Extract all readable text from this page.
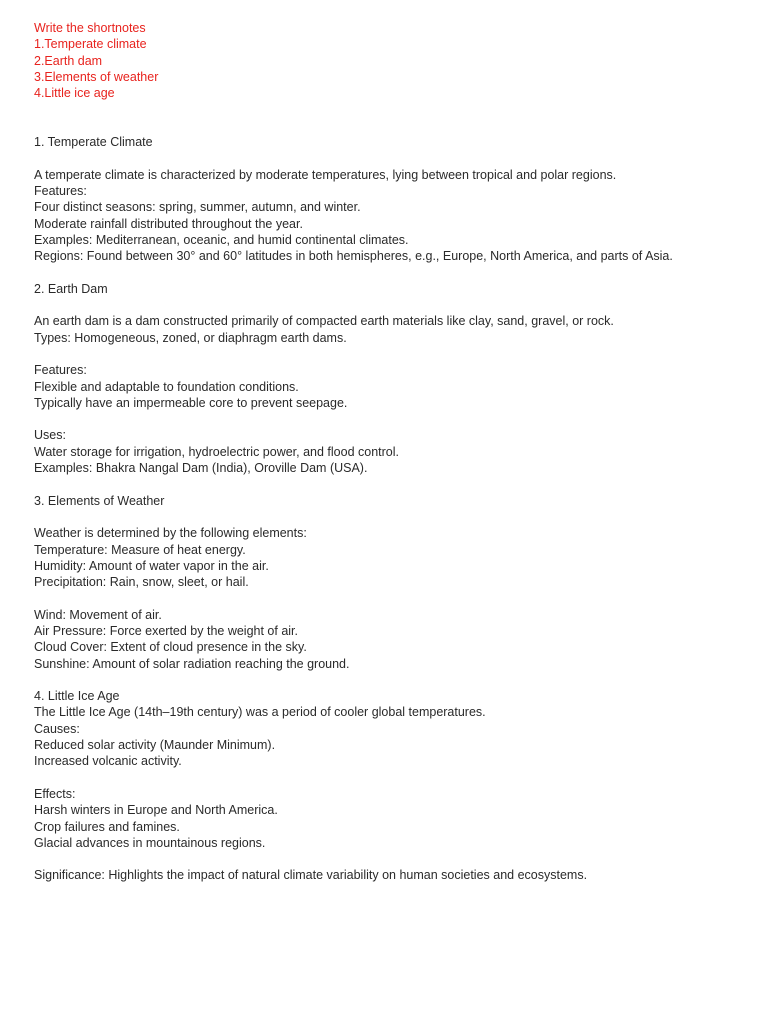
Write the shortnotes
1.Temperate climate
2.Earth dam
3.Elements of weather
4.Little ice age
1. Temperate Climate
A temperate climate is characterized by moderate temperatures, lying between tropical and polar regions.
Features:
Four distinct seasons: spring, summer, autumn, and winter.
Moderate rainfall distributed throughout the year.
Examples: Mediterranean, oceanic, and humid continental climates.
Regions: Found between 30° and 60° latitudes in both hemispheres, e.g., Europe, North America, and parts of Asia.
2. Earth Dam
An earth dam is a dam constructed primarily of compacted earth materials like clay, sand, gravel, or rock.
Types: Homogeneous, zoned, or diaphragm earth dams.
Features:
Flexible and adaptable to foundation conditions.
Typically have an impermeable core to prevent seepage.
Uses:
Water storage for irrigation, hydroelectric power, and flood control.
Examples: Bhakra Nangal Dam (India), Oroville Dam (USA).
3. Elements of Weather
Weather is determined by the following elements:
Temperature: Measure of heat energy.
Humidity: Amount of water vapor in the air.
Precipitation: Rain, snow, sleet, or hail.
Wind: Movement of air.
Air Pressure: Force exerted by the weight of air.
Cloud Cover: Extent of cloud presence in the sky.
Sunshine: Amount of solar radiation reaching the ground.
4. Little Ice Age
The Little Ice Age (14th–19th century) was a period of cooler global temperatures.
Causes:
Reduced solar activity (Maunder Minimum).
Increased volcanic activity.
Effects:
Harsh winters in Europe and North America.
Crop failures and famines.
Glacial advances in mountainous regions.
Significance: Highlights the impact of natural climate variability on human societies and ecosystems.
